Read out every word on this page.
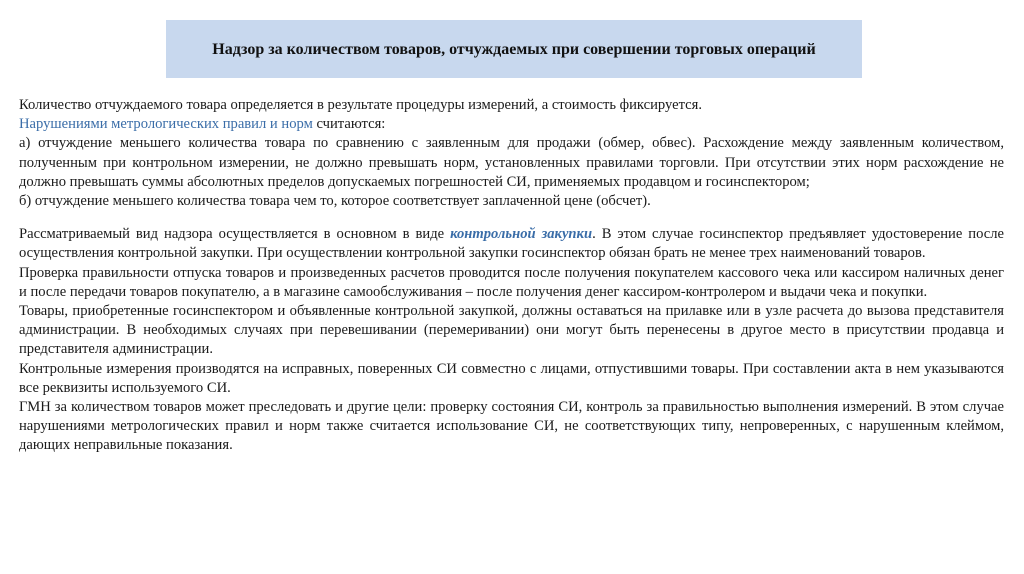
Надзор за количеством товаров, отчуждаемых при совершении торговых операций

Количество отчуждаемого товара определяется в результате процедуры измерений, а стоимость фиксируется.

Нарушениями метрологических правил и норм считаются:

а) отчуждение меньшего количества товара по сравнению с заявленным для продажи (обмер, обвес). Расхождение между заявленным количеством, полученным при контрольном измерении, не должно превышать норм, установленных правилами торговли. При отсутствии этих норм расхождение не должно превышать суммы абсолютных пределов допускаемых погрешностей СИ, применяемых продавцом и госинспектором;

б) отчуждение меньшего количества товара чем то, которое соответствует заплаченной цене (обсчет).

Рассматриваемый вид надзора осуществляется в основном в виде контрольной закупки. В этом случае госинспектор предъявляет удостоверение после осуществления контрольной закупки. При осуществлении контрольной закупки госинспектор обязан брать не менее трех наименований товаров.

Проверка правильности отпуска товаров и произведенных расчетов проводится после получения покупателем кассового чека или кассиром наличных денег и после передачи товаров покупателю, а в магазине самообслуживания – после получения денег кассиром-контролером и выдачи чека и покупки.

Товары, приобретенные госинспектором и объявленные контрольной закупкой, должны оставаться на прилавке или в узле расчета до вызова представителя администрации. В необходимых случаях при перевешивании (перемеривании) они могут быть перенесены в другое место в присутствии продавца и представителя администрации.

Контрольные измерения производятся на исправных, поверенных СИ совместно с лицами, отпустившими товары. При составлении акта в нем указываются все реквизиты используемого СИ.

ГМН за количеством товаров может преследовать и другие цели: проверку состояния СИ, контроль за правильностью выполнения измерений. В этом случае нарушениями метрологических правил и норм также считается использование СИ, не соответствующих типу, непроверенных, с нарушенным клеймом, дающих неправильные показания.
